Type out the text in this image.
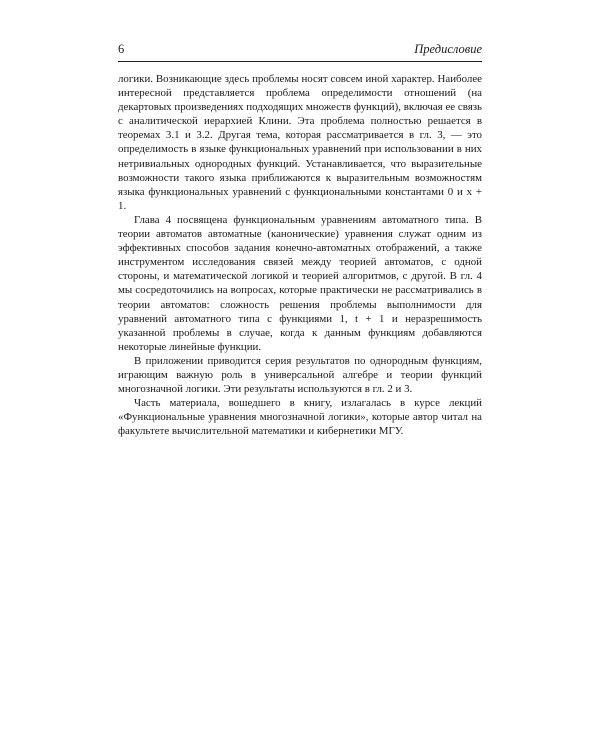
6	Предисловие

логики. Возникающие здесь проблемы носят совсем иной характер. Наиболее интересной представляется проблема определимости отношений (на декартовых произведениях подходящих множеств функций), включая ее связь с аналитической иерархией Клини. Эта проблема полностью решается в теоремах 3.1 и 3.2. Другая тема, которая рассматривается в гл. 3, — это определимость в языке функциональных уравнений при использовании в них нетривиальных однородных функций. Устанавливается, что выразительные возможности такого языка приближаются к выразительным возможностям языка функциональных уравнений с функциональными константами 0 и x + 1.

Глава 4 посвящена функциональным уравнениям автоматного типа. В теории автоматов автоматные (канонические) уравнения служат одним из эффективных способов задания конечно-автоматных отображений, а также инструментом исследования связей между теорией автоматов, с одной стороны, и математической логикой и теорией алгоритмов, с другой. В гл. 4 мы сосредоточились на вопросах, которые практически не рассматривались в теории автоматов: сложность решения проблемы выполнимости для уравнений автоматного типа с функциями 1, t + 1 и неразрешимость указанной проблемы в случае, когда к данным функциям добавляются некоторые линейные функции.

В приложении приводится серия результатов по однородным функциям, играющим важную роль в универсальной алгебре и теории функций многозначной логики. Эти результаты используются в гл. 2 и 3.

Часть материала, вошедшего в книгу, излагалась в курсе лекций «Функциональные уравнения многозначной логики», которые автор читал на факультете вычислительной математики и кибернетики МГУ.
